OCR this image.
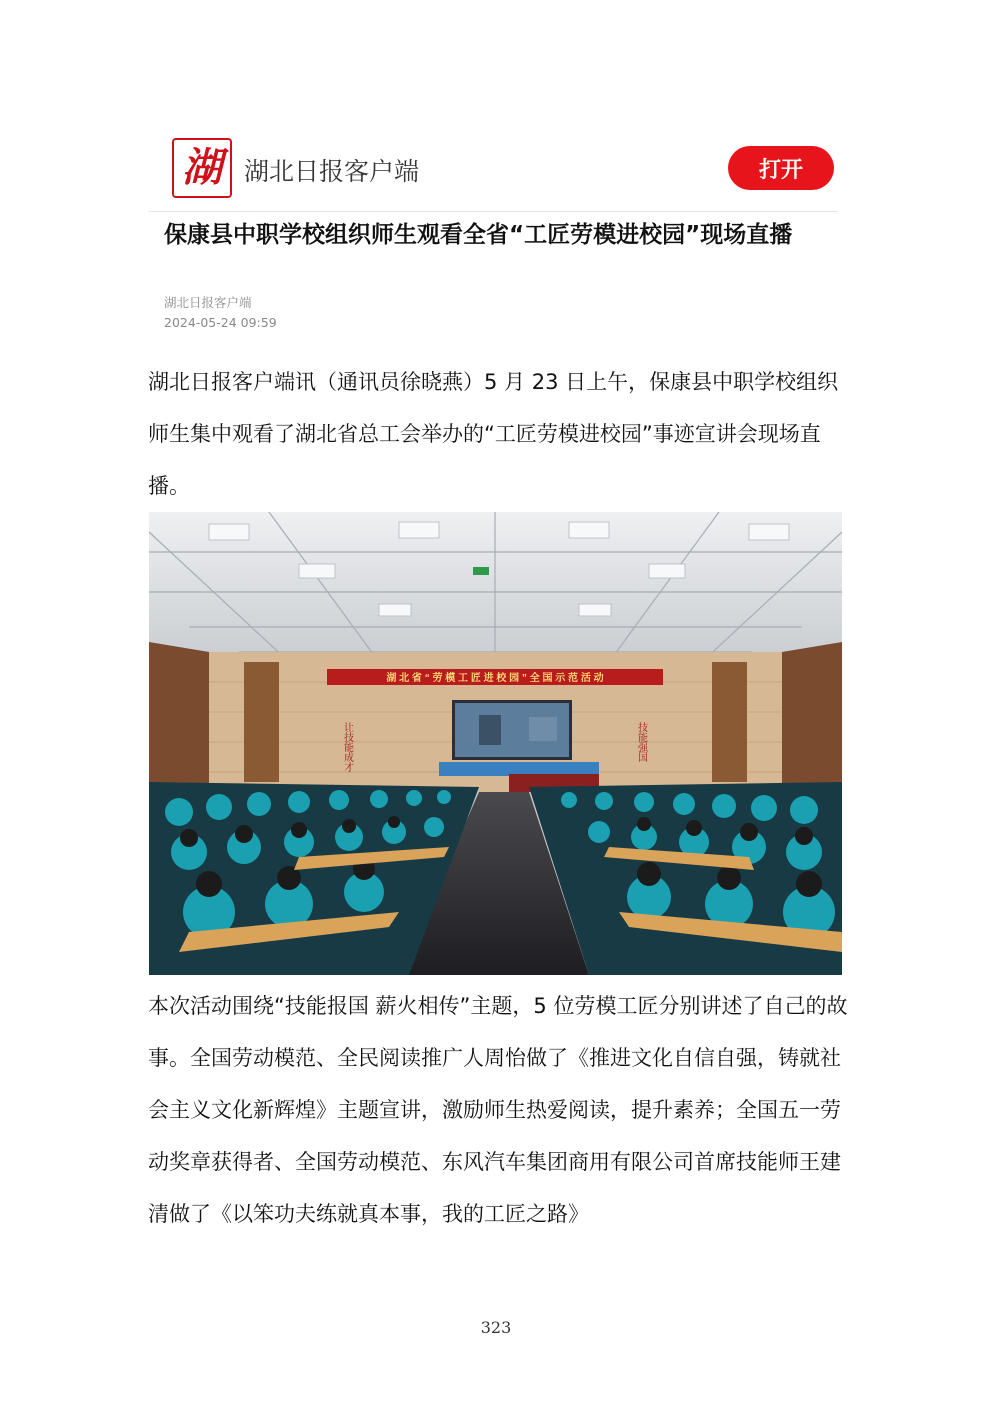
湖 湖北日报客户端	打开
保康县中职学校组织师生观看全省“工匠劳模进校园”现场直播
湖北日报客户端
2024-05-24 09:59
湖北日报客户端讯（通讯员徐晓燕）5 月 23 日上午，保康县中职学校组织师生集中观看了湖北省总工会举办的“工匠劳模进校园”事迹宣讲会现场直播。
湖 北 省 “ 劳 模 工 匠 进 校 园 ” 全 国 示 范 活 动
让技能成才	技能强国
本次活动围绕“技能报国 薪火相传”主题，5 位劳模工匠分别讲述了自己的故事。全国劳动模范、全民阅读推广人周怡做了《推进文化自信自强，铸就社会主义文化新辉煌》主题宣讲，激励师生热爱阅读，提升素养；全国五一劳动奖章获得者、全国劳动模范、东风汽车集团商用有限公司首席技能师王建清做了《以笨功夫练就真本事，我的工匠之路》
323
